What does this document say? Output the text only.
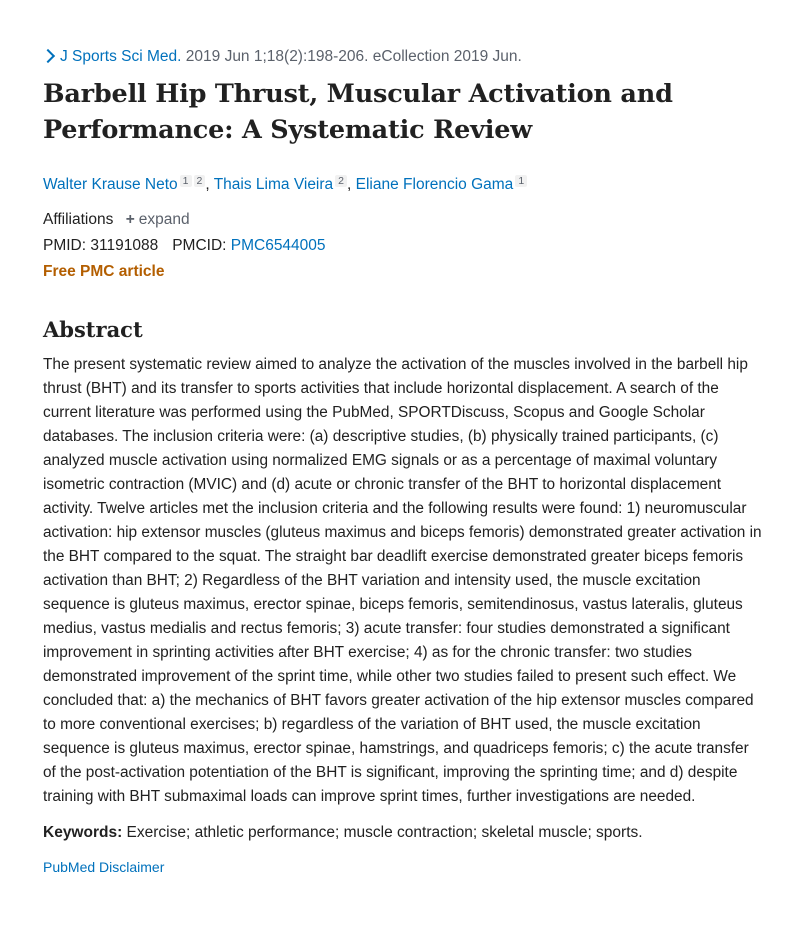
J Sports Sci Med. 2019 Jun 1;18(2):198-206. eCollection 2019 Jun.
Barbell Hip Thrust, Muscular Activation and Performance: A Systematic Review
Walter Krause Neto $^1$ $^2$ , Thais Lima Vieira $^2$ , Eliane Florencio Gama $^1$
Affiliations + expand
PMID: 31191088 PMCID: PMC6544005
Free PMC article
Abstract
The present systematic review aimed to analyze the activation of the muscles involved in the barbell hip thrust (BHT) and its transfer to sports activities that include horizontal displacement. A search of the current literature was performed using the PubMed, SPORTDiscuss, Scopus and Google Scholar databases. The inclusion criteria were: (a) descriptive studies, (b) physically trained participants, (c) analyzed muscle activation using normalized EMG signals or as a percentage of maximal voluntary isometric contraction (MVIC) and (d) acute or chronic transfer of the BHT to horizontal displacement activity. Twelve articles met the inclusion criteria and the following results were found: 1) neuromuscular activation: hip extensor muscles (gluteus maximus and biceps femoris) demonstrated greater activation in the BHT compared to the squat. The straight bar deadlift exercise demonstrated greater biceps femoris activation than BHT; 2) Regardless of the BHT variation and intensity used, the muscle excitation sequence is gluteus maximus, erector spinae, biceps femoris, semitendinosus, vastus lateralis, gluteus medius, vastus medialis and rectus femoris; 3) acute transfer: four studies demonstrated a significant improvement in sprinting activities after BHT exercise; 4) as for the chronic transfer: two studies demonstrated improvement of the sprint time, while other two studies failed to present such effect. We concluded that: a) the mechanics of BHT favors greater activation of the hip extensor muscles compared to more conventional exercises; b) regardless of the variation of BHT used, the muscle excitation sequence is gluteus maximus, erector spinae, hamstrings, and quadriceps femoris; c) the acute transfer of the post-activation potentiation of the BHT is significant, improving the sprinting time; and d) despite training with BHT submaximal loads can improve sprint times, further investigations are needed.
Keywords: Exercise; athletic performance; muscle contraction; skeletal muscle; sports.
PubMed Disclaimer
